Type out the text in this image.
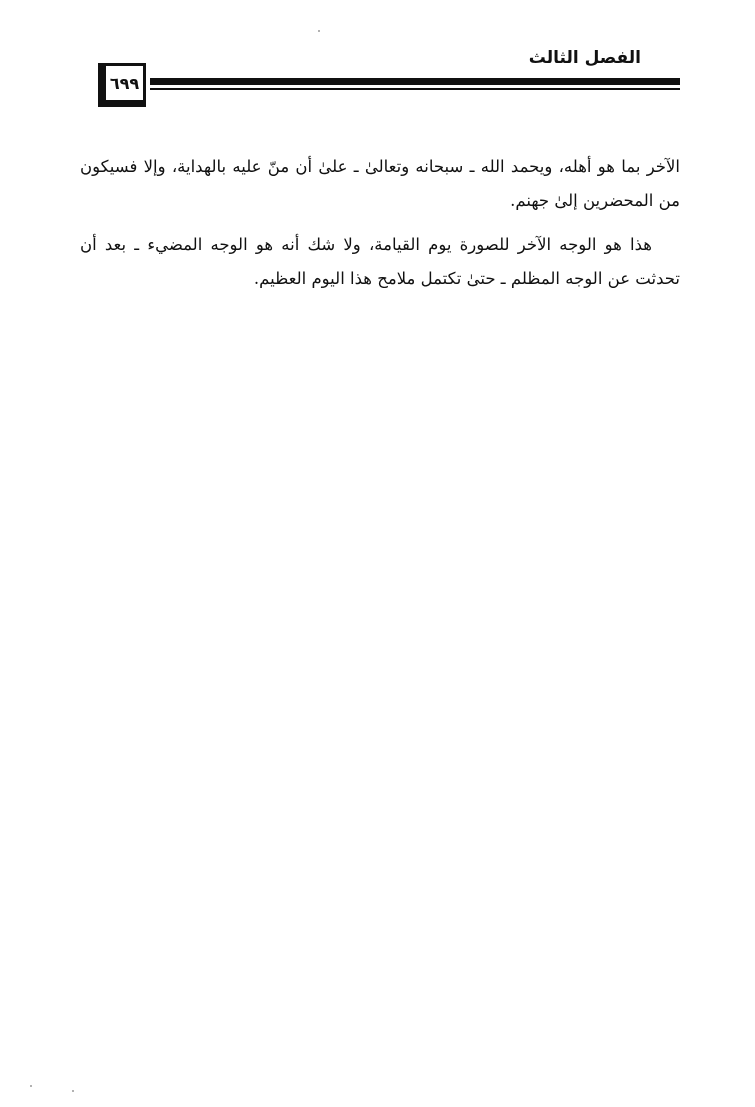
الفصل الثالث
٦٩٩

الآخر بما هو أهله، ويحمد الله ـ سبحانه وتعالىٰ ـ علىٰ أن منّ عليه بالهداية، وإلا فسيكون من المحضرين إلىٰ جهنم.

هذا هو الوجه الآخر للصورة يوم القيامة، ولا شك أنه هو الوجه المضيء ـ بعد أن تحدثت عن الوجه المظلم ـ حتىٰ تكتمل ملامح هذا اليوم العظيم.
